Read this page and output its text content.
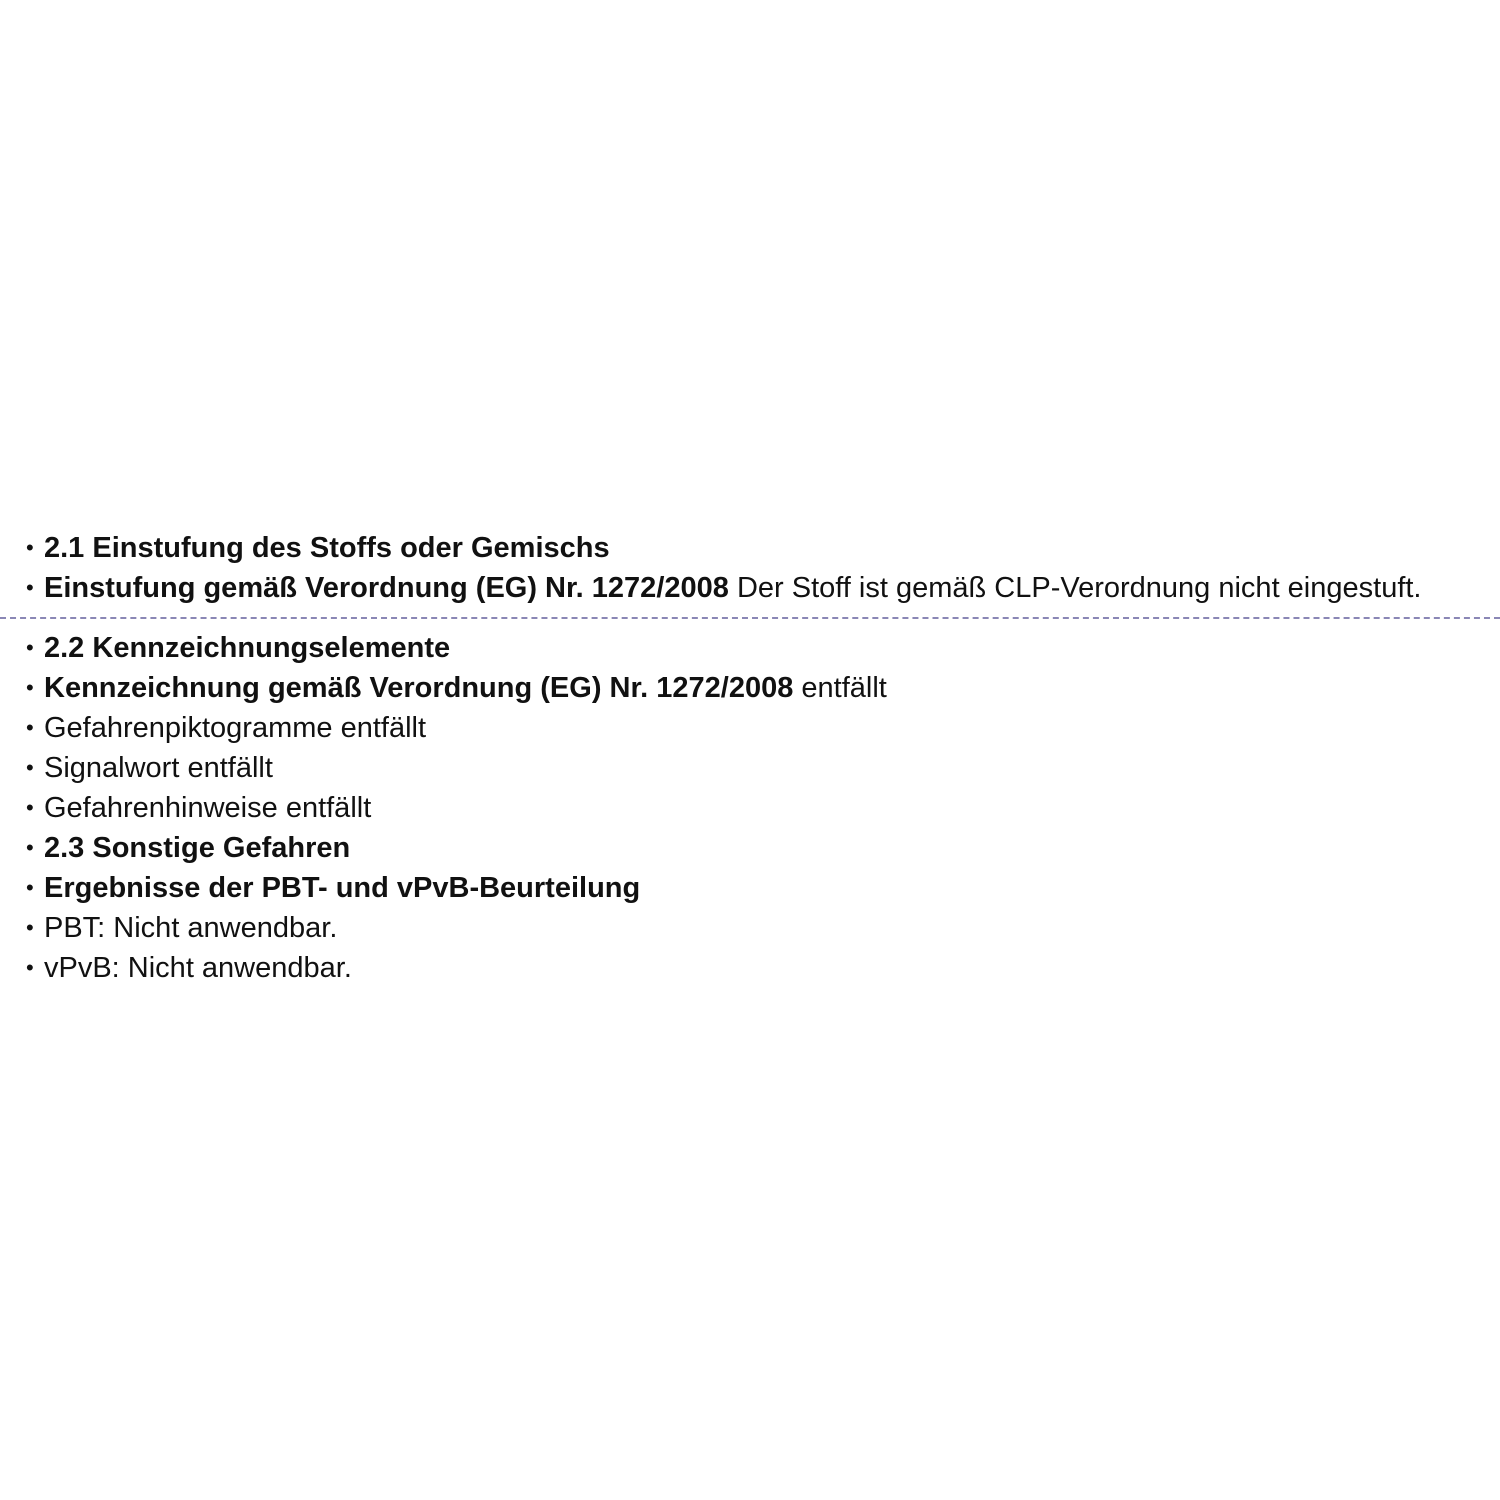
• 2.1 Einstufung des Stoffs oder Gemischs
• Einstufung gemäß Verordnung (EG) Nr. 1272/2008 Der Stoff ist gemäß CLP-Verordnung nicht eingestuft.
• 2.2 Kennzeichnungselemente
• Kennzeichnung gemäß Verordnung (EG) Nr. 1272/2008 entfällt
• Gefahrenpiktogramme entfällt
• Signalwort entfällt
• Gefahrenhinweise entfällt
• 2.3 Sonstige Gefahren
• Ergebnisse der PBT- und vPvB-Beurteilung
• PBT: Nicht anwendbar.
• vPvB: Nicht anwendbar.
